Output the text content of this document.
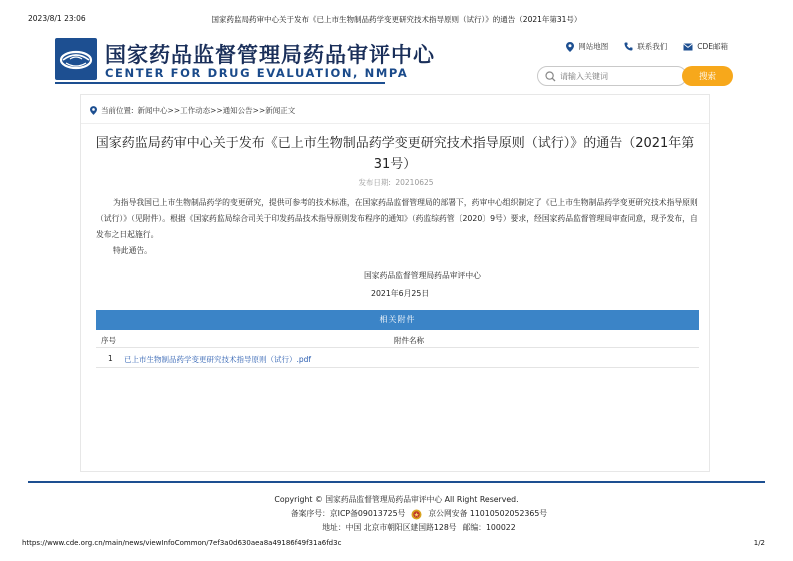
2023/8/1 23:06	国家药监局药审中心关于发布《已上市生物制品药学变更研究技术指导原则（试行）》的通告（2021年第31号）
国家药品监督管理局药品审评中心
CENTER FOR DRUG EVALUATION, NMPA
网站地图	联系我们	CDE邮箱
请输入关键词
搜索
当前位置: 新闻中心>>工作动态>>通知公告>>新闻正文
国家药监局药审中心关于发布《已上市生物制品药学变更研究技术指导原则（试行）》的通告（2021年第31号）
发布日期: 20210625

为指导我国已上市生物制品药学的变更研究，提供可参考的技术标准，在国家药品监督管理局的部署下，药审中心组织制定了《已上市生物制品药学变更研究技术指导原则（试行）》（见附件）。根据《国家药监局综合司关于印发药品技术指导原则发布程序的通知》（药监综药管〔2020〕9号）要求，经国家药品监督管理局审查同意，现予发布，自发布之日起施行。

特此通告。

国家药品监督管理局药品审评中心
2021年6月25日
相关附件
序号	附件名称
1 已上市生物制品药学变更研究技术指导原则（试行）.pdf
Copyright © 国家药品监督管理局药品审评中心 All Right Reserved.
备案序号：京ICP备09013725号	京公网安备 11010502052365号
地址：中国 北京市朝阳区建国路128号 邮编：100022
https://www.cde.org.cn/main/news/viewInfoCommon/7ef3a0d630aea8a49186f49f31a6fd3c	1/2
